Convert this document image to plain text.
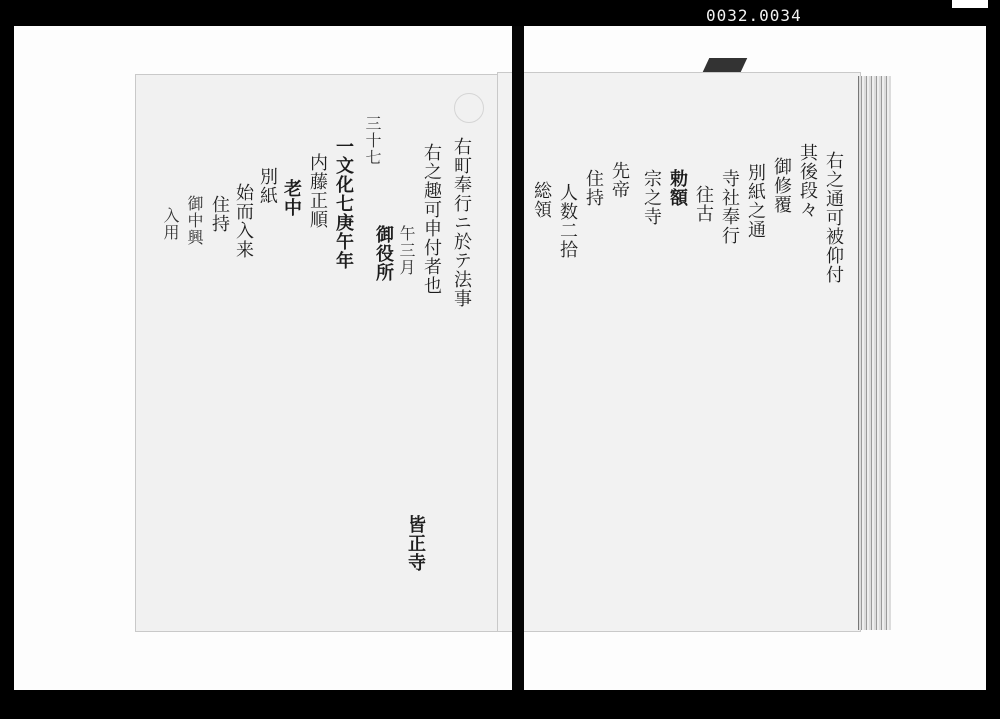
0032.0034
三十七	右町奉行ニ於テ法事
右之趣可申付者也
午三月
御役所
皆正寺
一文化七庚午年
内藤正順
老中
別紙
始而入来
住持
御中興
入用	右之通可被仰付
其後段々
御修覆
別紙之通
寺社奉行
往古
勅額
宗之寺
先帝
住持
人数二拾
総領
